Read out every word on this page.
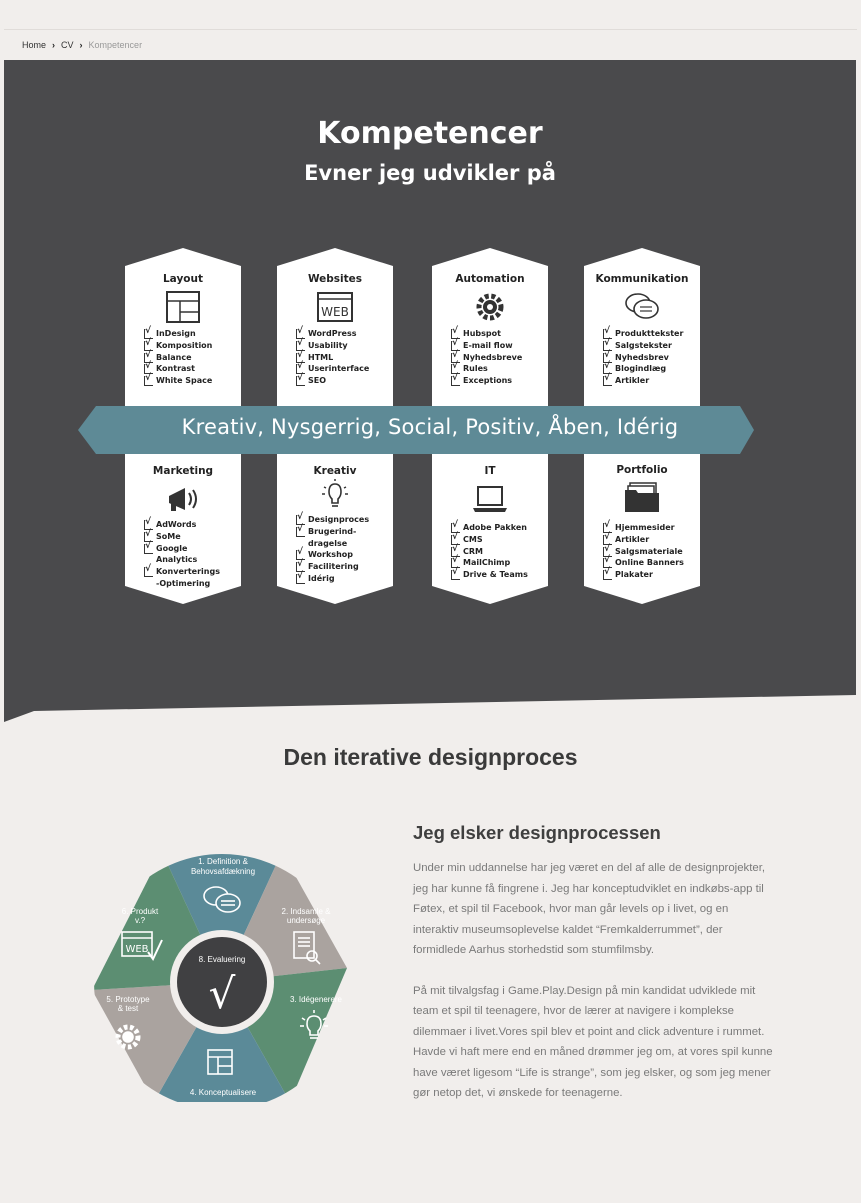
Home › CV › Kompetencer
Kompetencer
Evner jeg udvikler på
Layout
InDesign √
Komposition √
Balance √
Kontrast √
White Space √
Websites
WEB
WordPress √
Usability √
HTML √
Userinterface √
SEO √
Automation
Hubspot √
E-mail flow √
Nyhedsbreve √
Rules √
Exceptions √
Kommunikation
Produkttekster √
Salgstekster √
Nyhedsbrev √
Blogindlæg √
Artikler √
Kreativ, Nysgerrig, Social, Positiv, Åben, Idérig
Marketing
AdWords √
SoMe √
Google Analytics √
Konverterings -Optimering √
Kreativ
Designproces √
Brugerind-dragelse √
Workshop √
Facilitering √
Idérig √
IT
Adobe Pakken √
CMS √
CRM √
MailChimp √
Drive & Teams √
Portfolio
Hjemmesider √
Artikler √
Salgsmateriale √
Online Banners √
Plakater √
Den iterative designproces
1. Definition &
Behovsafdækning
2. Indsamle &
undersøge
3. Idégenerere
4. Konceptualisere
5. Prototype
& test
6. Produkt
v.?
WEB
8. Evaluering
√
Jeg elsker designprocessen

Under min uddannelse har jeg været en del af alle de designprojekter, jeg har kunne få fingrene i. Jeg har konceptudviklet en indkøbs-app til Føtex, et spil til Facebook, hvor man går levels op i livet, og en interaktiv museumsoplevelse kaldet “Fremkalderrummet”, der formidlede Aarhus storhedstid som stumfilmsby.

På mit tilvalgsfag i Game.Play.Design på min kandidat udviklede mit team et spil til teenagere, hvor de lærer at navigere i komplekse dilemmaer i livet.Vores spil blev et point and click adventure i rummet. Havde vi haft mere end en måned drømmer jeg om, at vores spil kunne have været ligesom “Life is strange”, som jeg elsker, og som jeg mener gør netop det, vi ønskede for teenagerne.
